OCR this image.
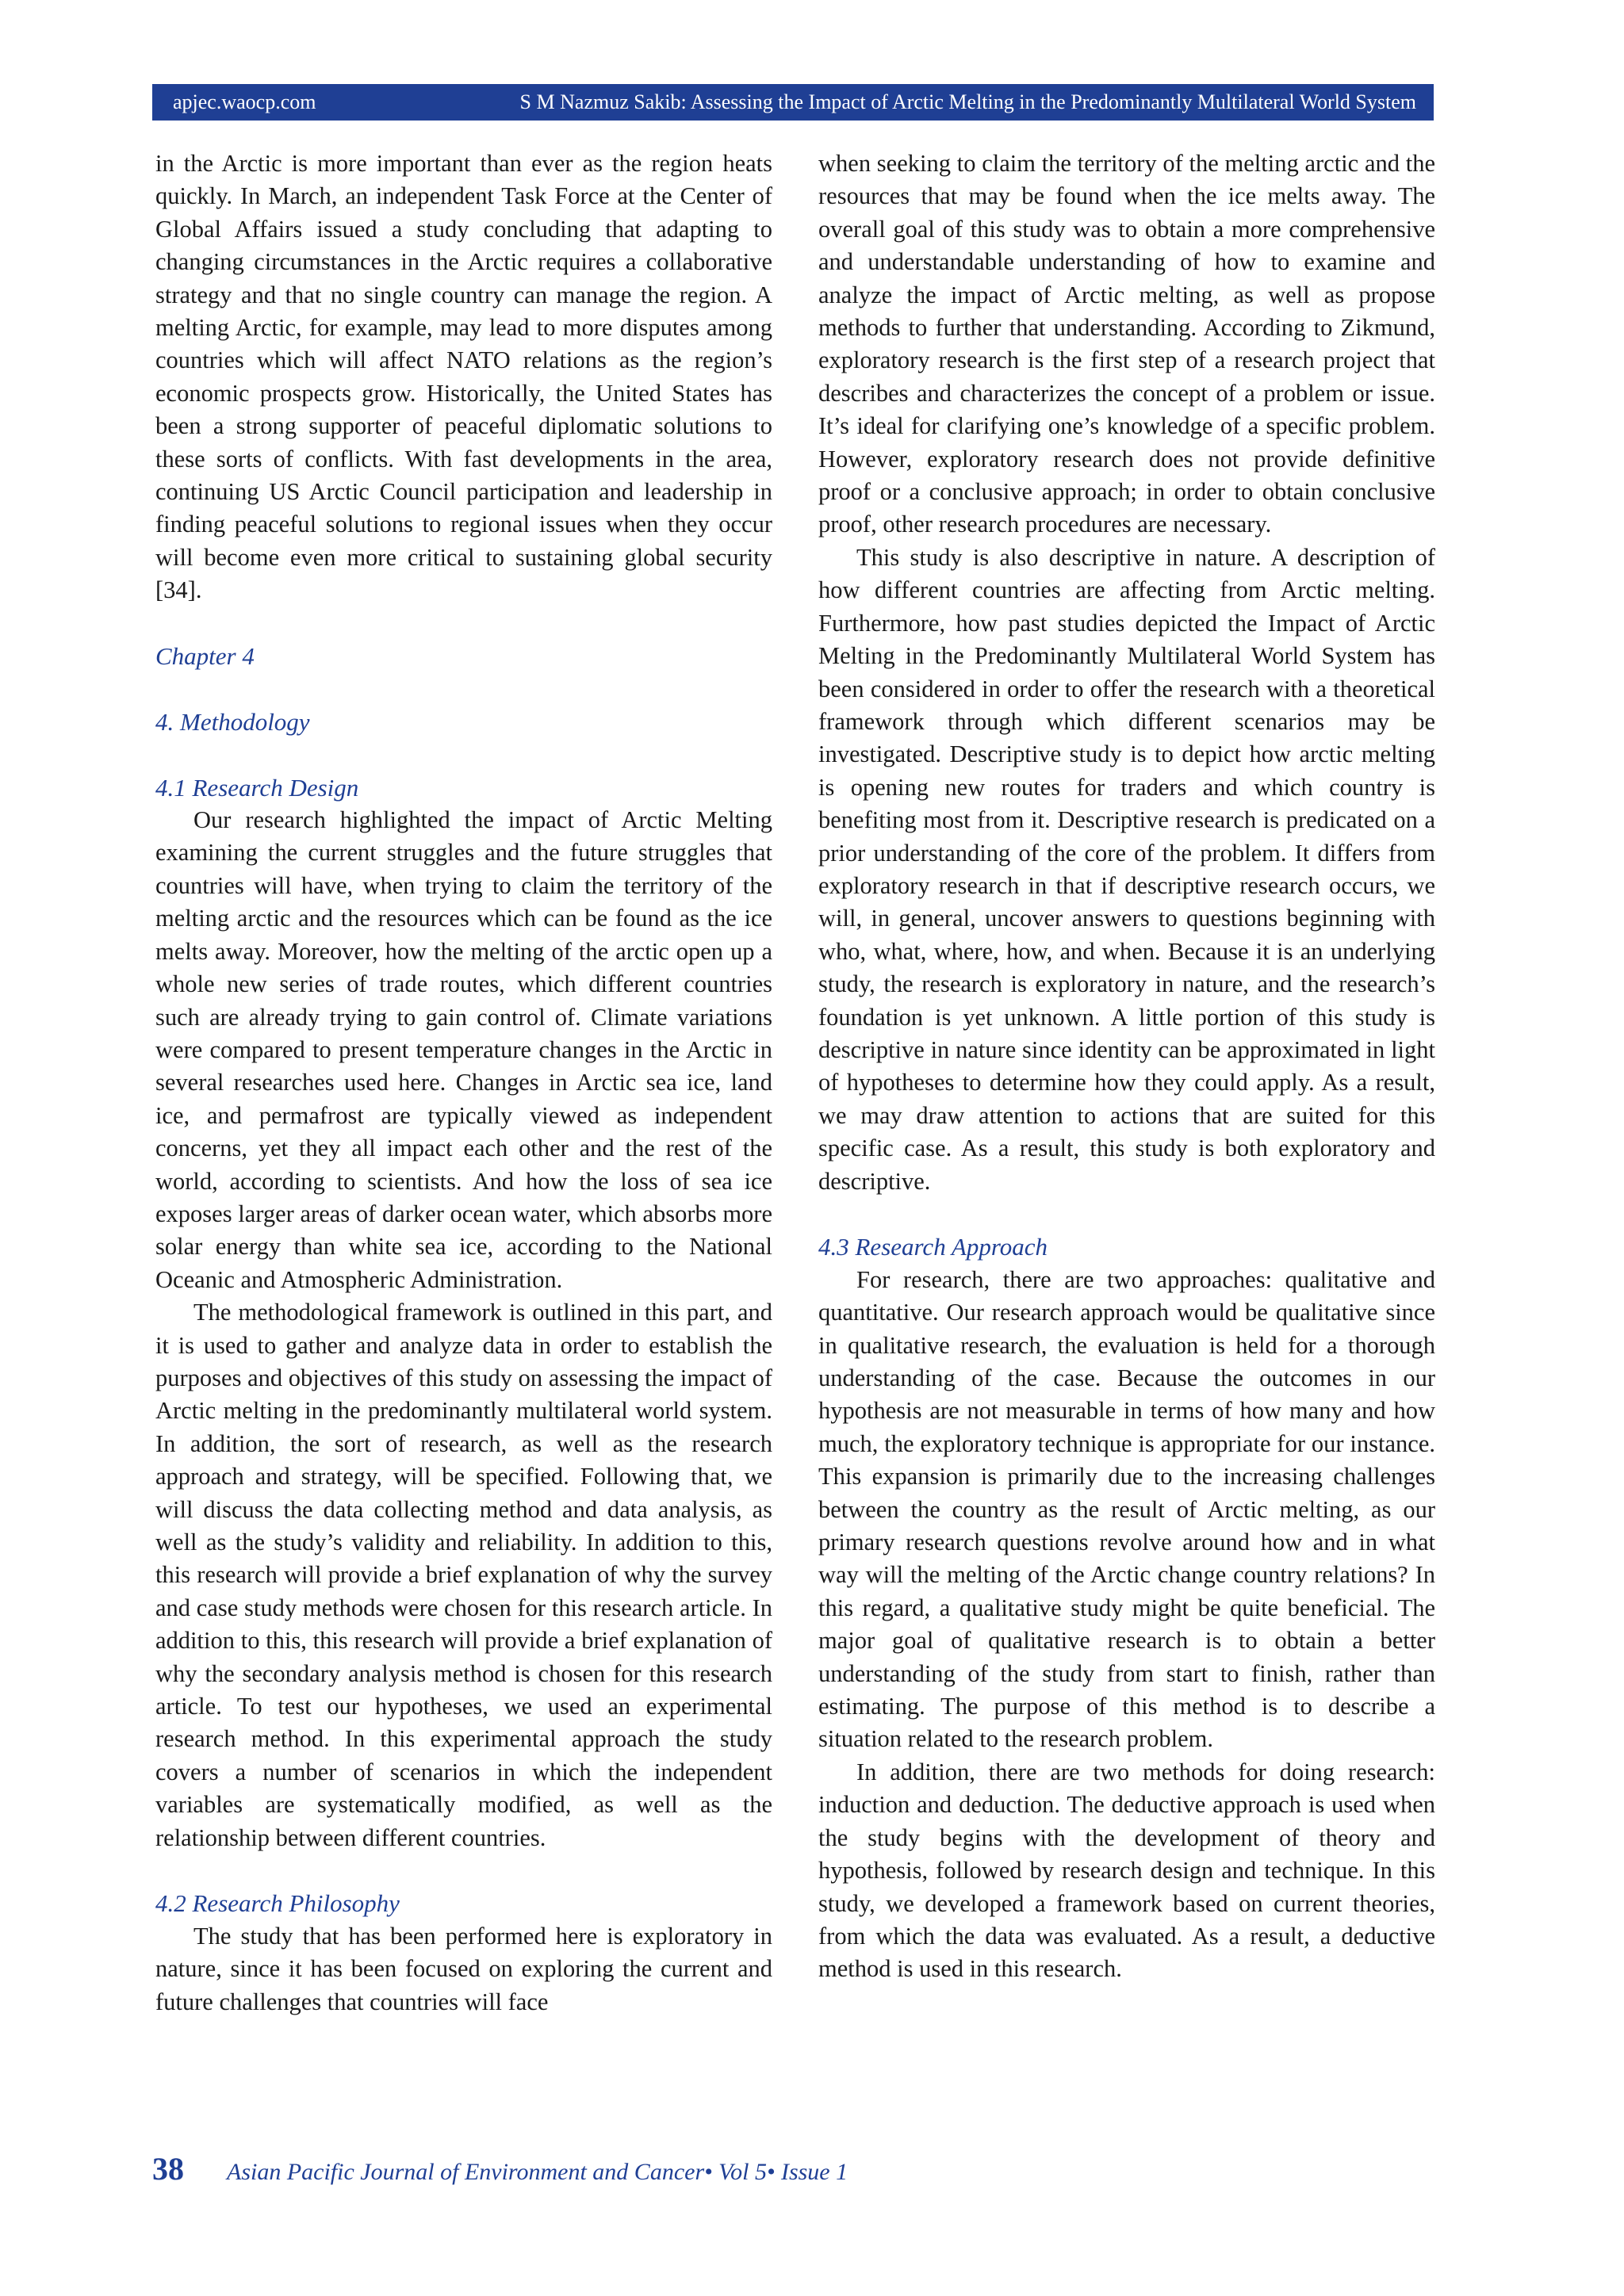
apjec.waocp.com	S M Nazmuz Sakib: Assessing the Impact of Arctic Melting in the Predominantly Multilateral World System

in the Arctic is more important than ever as the region heats quickly. In March, an independent Task Force at the Center of Global Affairs issued a study concluding that adapting to changing circumstances in the Arctic requires a collaborative strategy and that no single country can manage the region. A melting Arctic, for example, may lead to more disputes among countries which will affect NATO relations as the region’s economic prospects grow. Historically, the United States has been a strong supporter of peaceful diplomatic solutions to these sorts of conflicts. With fast developments in the area, continuing US Arctic Council participation and leadership in finding peaceful solutions to regional issues when they occur will become even more critical to sustaining global security [34].

Chapter 4
4. Methodology
4.1 Research Design

Our research highlighted the impact of Arctic Melting examining the current struggles and the future struggles that countries will have, when trying to claim the territory of the melting arctic and the resources which can be found as the ice melts away. Moreover, how the melting of the arctic open up a whole new series of trade routes, which different countries such are already trying to gain control of. Climate variations were compared to present temperature changes in the Arctic in several researches used here. Changes in Arctic sea ice, land ice, and permafrost are typically viewed as independent concerns, yet they all impact each other and the rest of the world, according to scientists. And how the loss of sea ice exposes larger areas of darker ocean water, which absorbs more solar energy than white sea ice, according to the National Oceanic and Atmospheric Administration.

The methodological framework is outlined in this part, and it is used to gather and analyze data in order to establish the purposes and objectives of this study on assessing the impact of Arctic melting in the predominantly multilateral world system. In addition, the sort of research, as well as the research approach and strategy, will be specified. Following that, we will discuss the data collecting method and data analysis, as well as the study’s validity and reliability. In addition to this, this research will provide a brief explanation of why the survey and case study methods were chosen for this research article. In addition to this, this research will provide a brief explanation of why the secondary analysis method is chosen for this research article. To test our hypotheses, we used an experimental research method. In this experimental approach the study covers a number of scenarios in which the independent variables are systematically modified, as well as the relationship between different countries.

4.2 Research Philosophy

The study that has been performed here is exploratory in nature, since it has been focused on exploring the current and future challenges that countries will face

when seeking to claim the territory of the melting arctic and the resources that may be found when the ice melts away. The overall goal of this study was to obtain a more comprehensive and understandable understanding of how to examine and analyze the impact of Arctic melting, as well as propose methods to further that understanding. According to Zikmund, exploratory research is the first step of a research project that describes and characterizes the concept of a problem or issue. It’s ideal for clarifying one’s knowledge of a specific problem. However, exploratory research does not provide definitive proof or a conclusive approach; in order to obtain conclusive proof, other research procedures are necessary.

This study is also descriptive in nature. A description of how different countries are affecting from Arctic melting. Furthermore, how past studies depicted the Impact of Arctic Melting in the Predominantly Multilateral World System has been considered in order to offer the research with a theoretical framework through which different scenarios may be investigated. Descriptive study is to depict how arctic melting is opening new routes for traders and which country is benefiting most from it. Descriptive research is predicated on a prior understanding of the core of the problem. It differs from exploratory research in that if descriptive research occurs, we will, in general, uncover answers to questions beginning with who, what, where, how, and when. Because it is an underlying study, the research is exploratory in nature, and the research’s foundation is yet unknown. A little portion of this study is descriptive in nature since identity can be approximated in light of hypotheses to determine how they could apply. As a result, we may draw attention to actions that are suited for this specific case. As a result, this study is both exploratory and descriptive.

4.3 Research Approach

For research, there are two approaches: qualitative and quantitative. Our research approach would be qualitative since in qualitative research, the evaluation is held for a thorough understanding of the case. Because the outcomes in our hypothesis are not measurable in terms of how many and how much, the exploratory technique is appropriate for our instance. This expansion is primarily due to the increasing challenges between the country as the result of Arctic melting, as our primary research questions revolve around how and in what way will the melting of the Arctic change country relations? In this regard, a qualitative study might be quite beneficial. The major goal of qualitative research is to obtain a better understanding of the study from start to finish, rather than estimating. The purpose of this method is to describe a situation related to the research problem.

In addition, there are two methods for doing research: induction and deduction. The deductive approach is used when the study begins with the development of theory and hypothesis, followed by research design and technique. In this study, we developed a framework based on current theories, from which the data was evaluated. As a result, a deductive method is used in this research.

38 Asian Pacific Journal of Environment and Cancer• Vol 5• Issue 1
